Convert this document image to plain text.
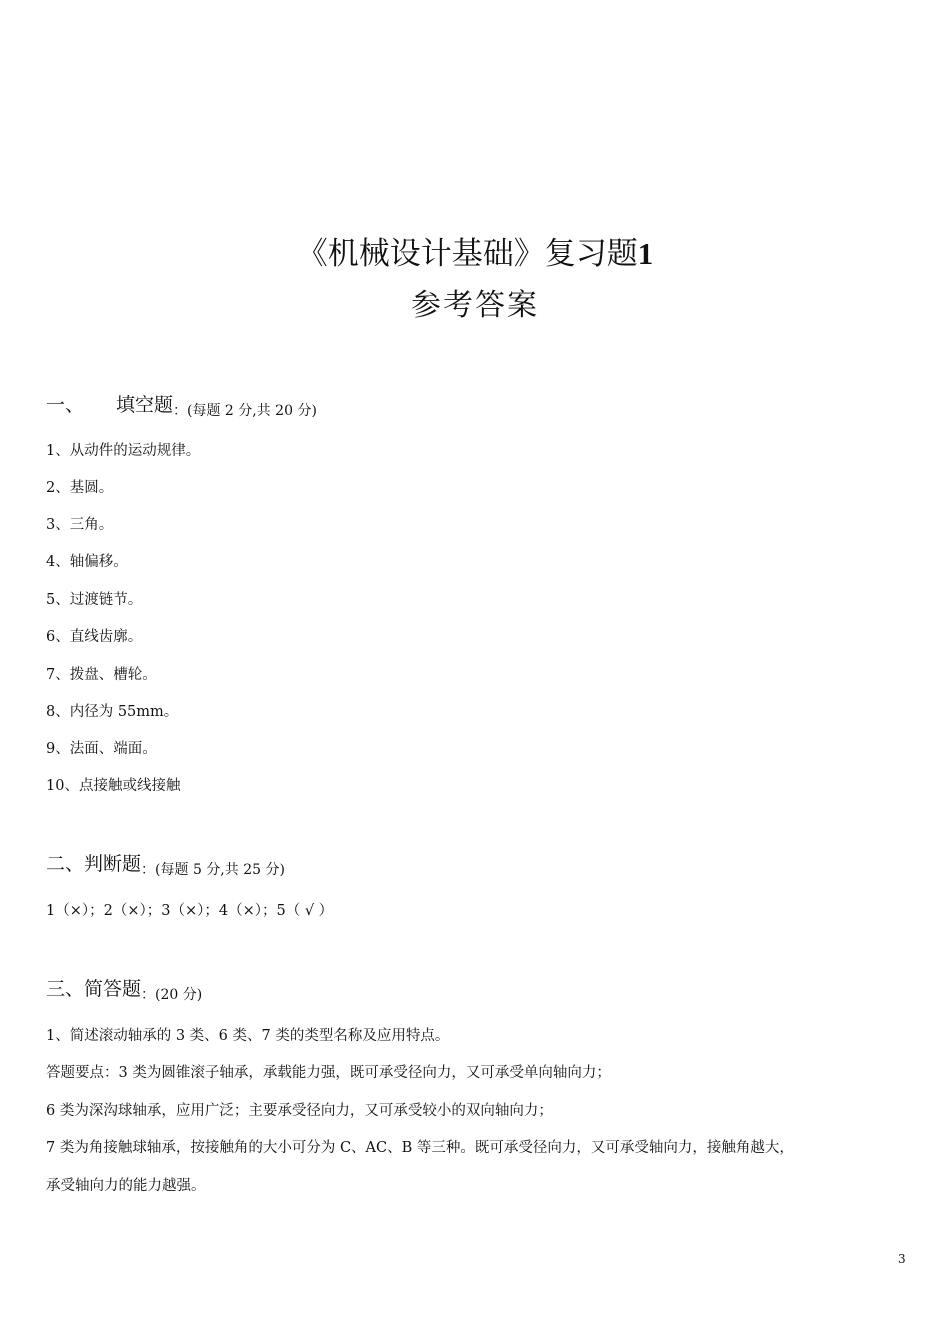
《机械设计基础》复习题1
参考答案
一、 填空题$_{:(每题 2 分,共 20 分)}$
1、从动件的运动规律。
2、基圆。
3、三角。
4、轴偏移。
5、过渡链节。
6、直线齿廓。
7、拨盘、槽轮。
8、内径为 55mm。
9、法面、端面。
10、点接触或线接触
二、判断题$_{:(每题 5 分,共 25 分)}$
1（×）；2（×）；3（×）；4（×）；5（ √ ）
三、简答题$_{:(20 分)}$
1、简述滚动轴承的 3 类、6 类、7 类的类型名称及应用特点。
答题要点：3 类为圆锥滚子轴承，承载能力强，既可承受径向力，又可承受单向轴向力；
6 类为深沟球轴承，应用广泛；主要承受径向力，又可承受较小的双向轴向力；
7 类为角接触球轴承，按接触角的大小可分为 C、AC、B 等三种。既可承受径向力，又可承受轴向力，接触角越大，
承受轴向力的能力越强。
3
